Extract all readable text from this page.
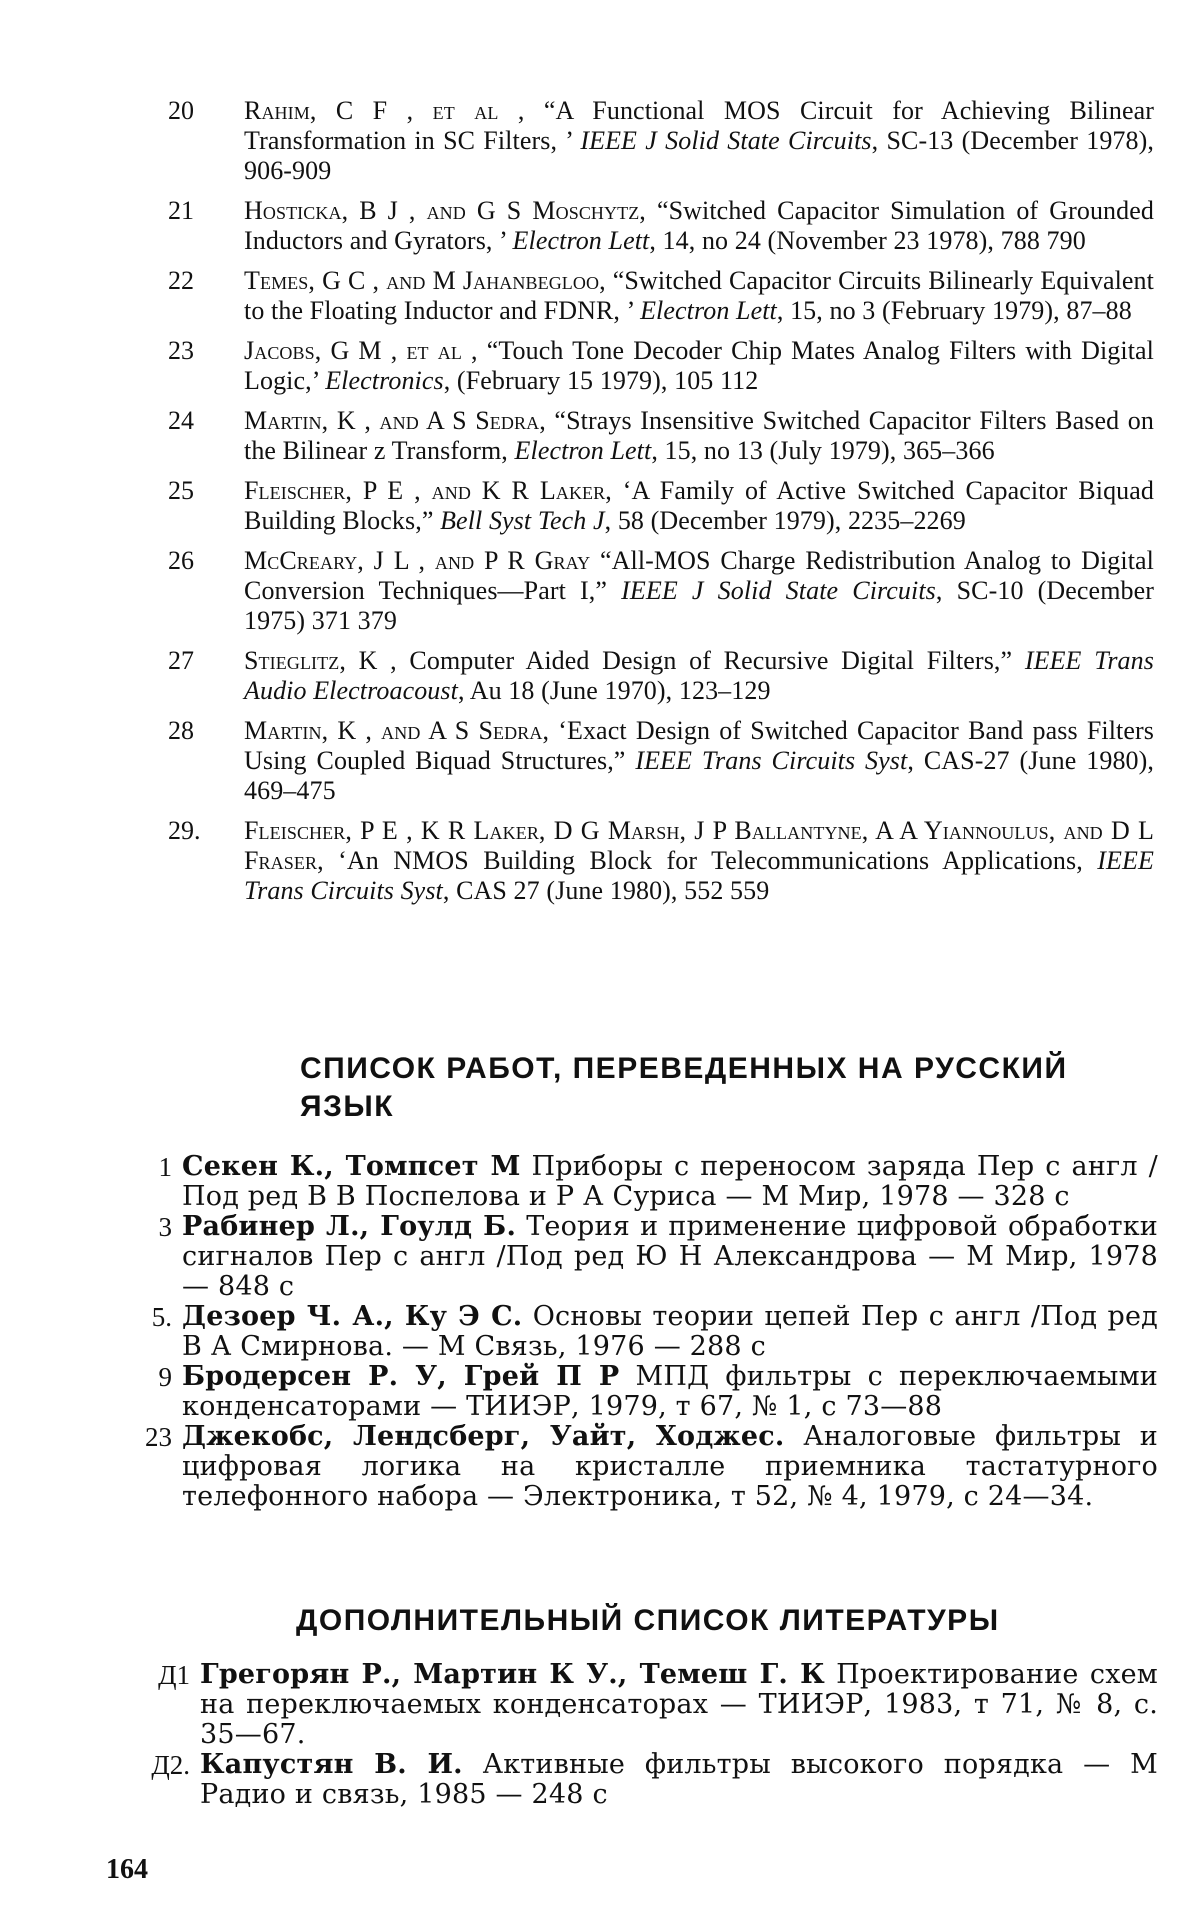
20	Rahim, C F , et al , “A Functional MOS Circuit for Achieving Bilinear Transformation in SC Filters, ’ IEEE J Solid State Circuits, SC-13 (December 1978), 906-909
21	Hosticka, B J , and G S Moschytz, “Switched Capacitor Simulation of Grounded Inductors and Gyrators, ’ Electron Lett, 14, no 24 (November 23 1978), 788 790
22	Temes, G C , and M Jahanbegloo, “Switched Capacitor Circuits Bilinearly Equivalent to the Floating Inductor and FDNR, ’ Electron Lett, 15, no 3 (February 1979), 87–88
23	Jacobs, G M , et al , “Touch Tone Decoder Chip Mates Analog Filters with Digital Logic,’ Electronics, (February 15 1979), 105 112
24	Martin, K , and A S Sedra, “Strays Insensitive Switched Capacitor Filters Based on the Bilinear z Transform, Electron Lett, 15, no 13 (July 1979), 365–366
25	Fleischer, P E , and K R Laker, ‘A Family of Active Switched Capacitor Biquad Building Blocks,” Bell Syst Tech J, 58 (December 1979), 2235–2269
26	McCreary, J L , and P R Gray “All-MOS Charge Redistribution Analog to Digital Conversion Techniques—Part I,” IEEE J Solid State Circuits, SC-10 (December 1975) 371 379
27	Stieglitz, K , Computer Aided Design of Recursive Digital Filters,” IEEE Trans Audio Electroacoust, Au 18 (June 1970), 123–129
28	Martin, K , and A S Sedra, ‘Exact Design of Switched Capacitor Band pass Filters Using Coupled Biquad Structures,” IEEE Trans Circuits Syst, CAS-27 (June 1980), 469–475
29.	Fleischer, P E , K R Laker, D G Marsh, J P Ballantyne, A A Yiannoulus, and D L Fraser, ‘An NMOS Building Block for Telecommunications Applications, IEEE Trans Circuits Syst, CAS 27 (June 1980), 552 559
СПИСОК РАБОТ, ПЕРЕВЕДЕННЫХ НА РУССКИЙ ЯЗЫК
1 Секен К., Томпсет М Приборы с переносом заряда Пер с англ / Под ред В В Поспелова и Р А Суриса — М Мир, 1978 — 328 с
3 Рабинер Л., Гоулд Б. Теория и применение цифровой обработки сигналов Пер с англ /Под ред Ю Н Александрова — М Мир, 1978 — 848 с
5. Дезоер Ч. А., Ку Э С. Основы теории цепей Пер с англ /Под ред В А Смирнова. — М Связь, 1976 — 288 с
9 Бродерсен Р. У, Грей П Р МПД фильтры с переключаемыми конденсаторами — ТИИЭР, 1979, т 67, № 1, с 73—88
23 Джекобс, Лендсберг, Уайт, Ходжес. Аналоговые фильтры и цифровая логика на кристалле приемника тастатурного телефонного набора — Электроника, т 52, № 4, 1979, с 24—34.
ДОПОЛНИТЕЛЬНЫЙ СПИСОК ЛИТЕРАТУРЫ
Д1 Грегорян Р., Мартин К У., Темеш Г. К Проектирование схем на переключаемых конденсаторах — ТИИЭР, 1983, т 71, № 8, с. 35—67.
Д2. Капустян В. И. Активные фильтры высокого порядка — М Радио и связь, 1985 — 248 с
164
